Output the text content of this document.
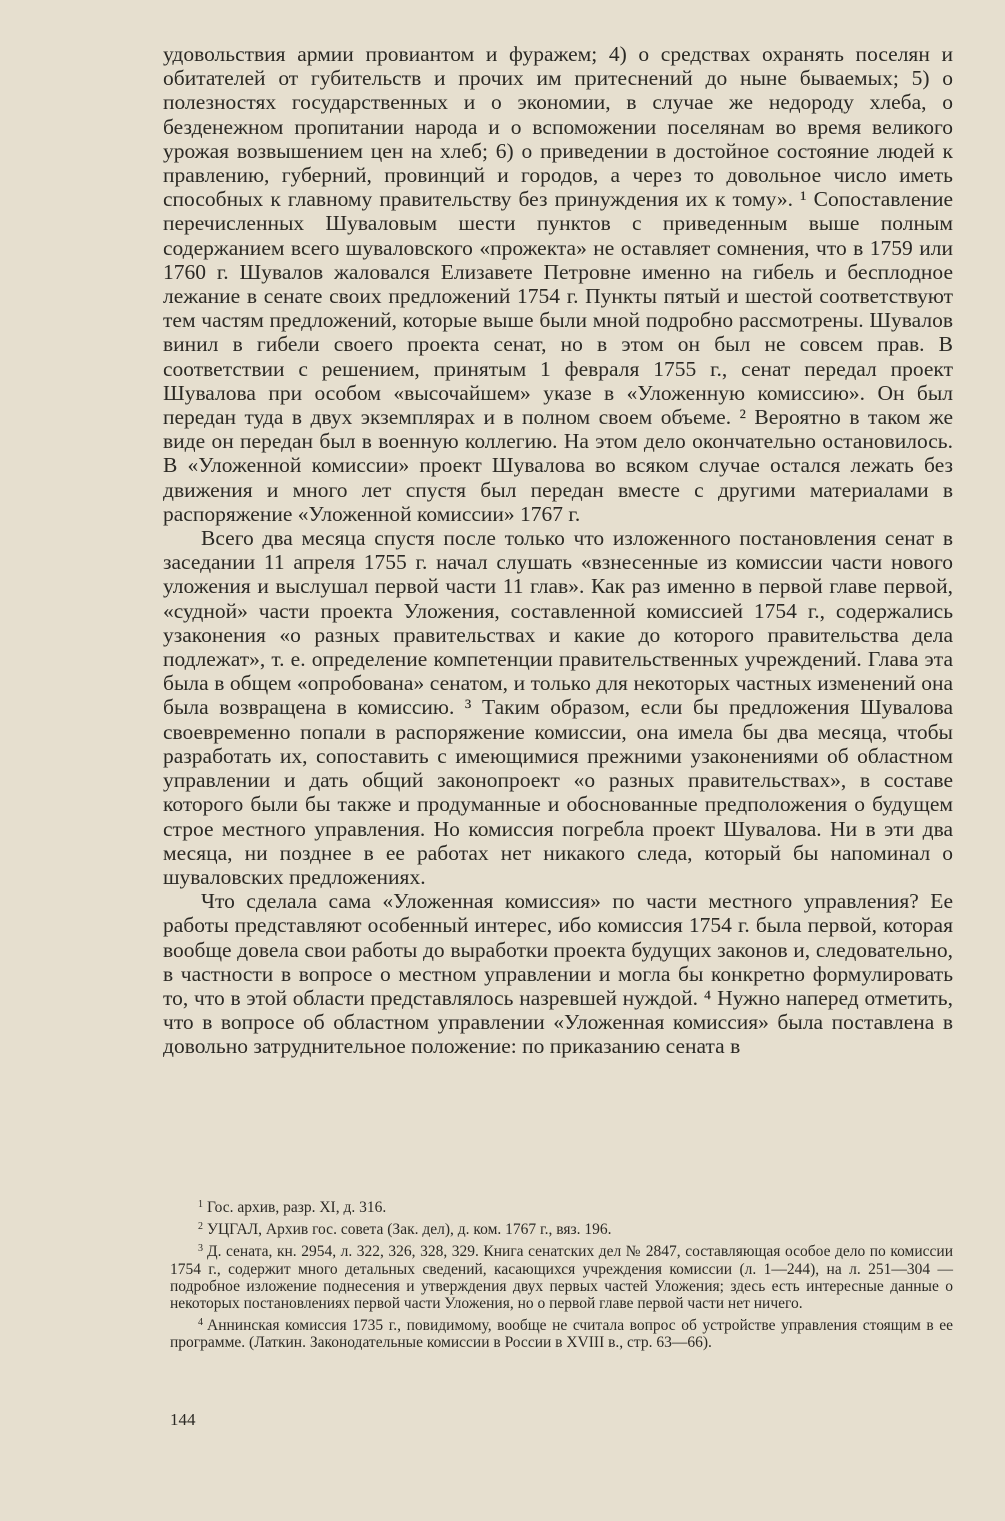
удовольствия армии провиантом и фуражем; 4) о средствах охранять поселян и обитателей от губительств и прочих им притеснений до ныне бываемых; 5) о полезностях государственных и о экономии, в случае же недороду хлеба, о безденежном пропитании народа и о вспоможении поселянам во время великого урожая возвышением цен на хлеб; 6) о приведении в достойное состояние людей к правлению, губерний, провинций и городов, а через то довольное число иметь способных к главному правительству без принуждения их к тому». ¹ Сопоставление перечисленных Шуваловым шести пунктов с приведенным выше полным содержанием всего шуваловского «прожекта» не оставляет сомнения, что в 1759 или 1760 г. Шувалов жаловался Елизавете Петровне именно на гибель и бесплодное лежание в сенате своих предложений 1754 г. Пункты пятый и шестой соответствуют тем частям предложений, которые выше были мной подробно рассмотрены. Шувалов винил в гибели своего проекта сенат, но в этом он был не совсем прав. В соответствии с решением, принятым 1 февраля 1755 г., сенат передал проект Шувалова при особом «высочайшем» указе в «Уложенную комиссию». Он был передан туда в двух экземплярах и в полном своем объеме. ² Вероятно в таком же виде он передан был в военную коллегию. На этом дело окончательно остановилось. В «Уложенной комиссии» проект Шувалова во всяком случае остался лежать без движения и много лет спустя был передан вместе с другими материалами в распоряжение «Уложенной комиссии» 1767 г.

Всего два месяца спустя после только что изложенного постановления сенат в заседании 11 апреля 1755 г. начал слушать «взнесенные из комиссии части нового уложения и выслушал первой части 11 глав». Как раз именно в первой главе первой, «судной» части проекта Уложения, составленной комиссией 1754 г., содержались узаконения «о разных правительствах и какие до которого правительства дела подлежат», т. е. определение компетенции правительственных учреждений. Глава эта была в общем «опробована» сенатом, и только для некоторых частных изменений она была возвращена в комиссию. ³ Таким образом, если бы предложения Шувалова своевременно попали в распоряжение комиссии, она имела бы два месяца, чтобы разработать их, сопоставить с имеющимися прежними узаконениями об областном управлении и дать общий законопроект «о разных правительствах», в составе которого были бы также и продуманные и обоснованные предположения о будущем строе местного управления. Но комиссия погребла проект Шувалова. Ни в эти два месяца, ни позднее в ее работах нет никакого следа, который бы напоминал о шуваловских предложениях.

Что сделала сама «Уложенная комиссия» по части местного управления? Ее работы представляют особенный интерес, ибо комиссия 1754 г. была первой, которая вообще довела свои работы до выработки проекта будущих законов и, следовательно, в частности в вопросе о местном управлении и могла бы конкретно формулировать то, что в этой области представлялось назревшей нуждой. ⁴ Нужно наперед отметить, что в вопросе об областном управлении «Уложенная комиссия» была поставлена в довольно затруднительное положение: по приказанию сената в

$^1$ Гос. архив, разр. XI, д. 316.

$^2$ УЦГАЛ, Архив гос. совета (Зак. дел), д. ком. 1767 г., вяз. 196.

$^3$ Д. сената, кн. 2954, л. 322, 326, 328, 329. Книга сенатских дел № 2847, составляющая особое дело по комиссии 1754 г., содержит много детальных сведений, касающихся учреждения комиссии (л. 1—244), на л. 251—304 — подробное изложение поднесения и утверждения двух первых частей Уложения; здесь есть интересные данные о некоторых постановлениях первой части Уложения, но о первой главе первой части нет ничего.

$^4$ Аннинская комиссия 1735 г., повидимому, вообще не считала вопрос об устройстве управления стоящим в ее программе. (Латкин. Законодательные комиссии в России в XVIII в., стр. 63—66).

144
